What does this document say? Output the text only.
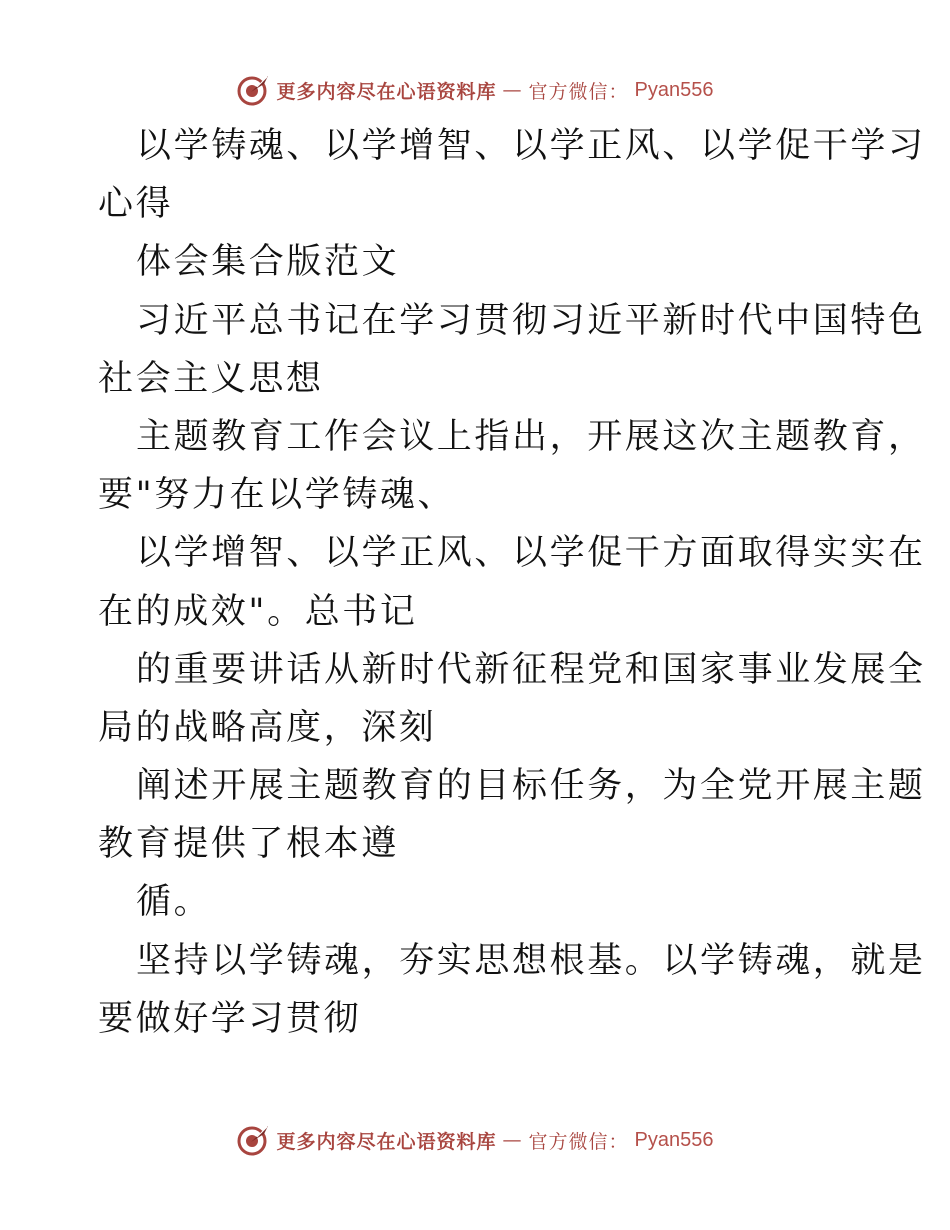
更多内容尽在心语资料库 — 官方微信： Pyan556
以学铸魂、以学增智、以学正风、以学促干学习
心得
体会集合版范文
习近平总书记在学习贯彻习近平新时代中国特色
社会主义思想
主题教育工作会议上指出，开展这次主题教育，
要"努力在以学铸魂、
以学增智、以学正风、以学促干方面取得实实在
在的成效"。总书记
的重要讲话从新时代新征程党和国家事业发展全
局的战略高度，深刻
阐述开展主题教育的目标任务，为全党开展主题
教育提供了根本遵
循。
坚持以学铸魂，夯实思想根基。以学铸魂，就是
要做好学习贯彻
更多内容尽在心语资料库 — 官方微信： Pyan556
